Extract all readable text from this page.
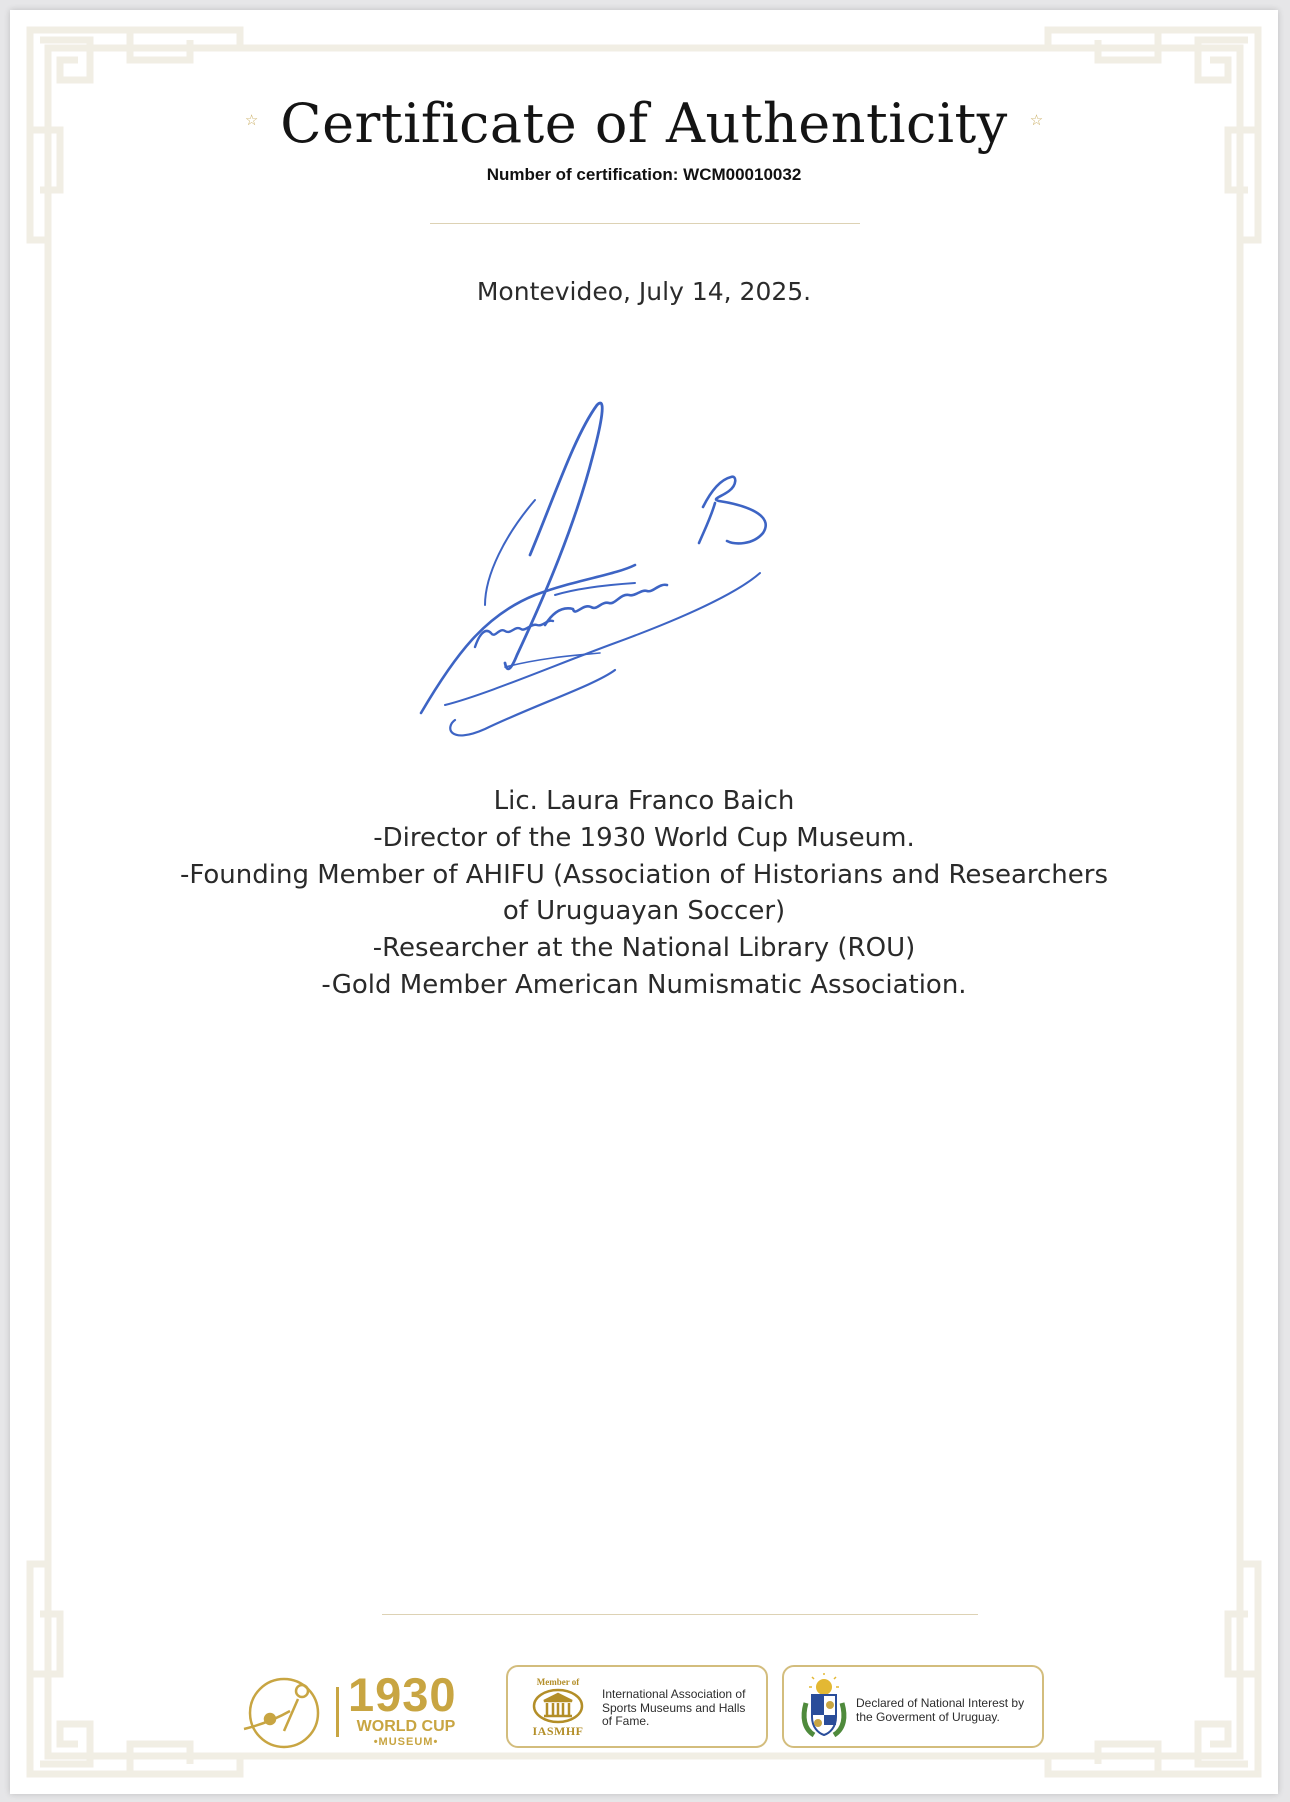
☆ Certificate of Authenticity ☆
Number of certification: WCM00010032
Montevideo, July 14, 2025.
Lic. Laura Franco Baich
-Director of the 1930 World Cup Museum.
-Founding Member of AHIFU (Association of Historians and Researchers
of Uruguayan Soccer)
-Researcher at the National Library (ROU)
-Gold Member American Numismatic Association.
1930
WORLD CUP
•MUSEUM•
Member of
IASMHF
International Association of Sports Museums and Halls of Fame.
Declared of National Interest by the Goverment of Uruguay.
